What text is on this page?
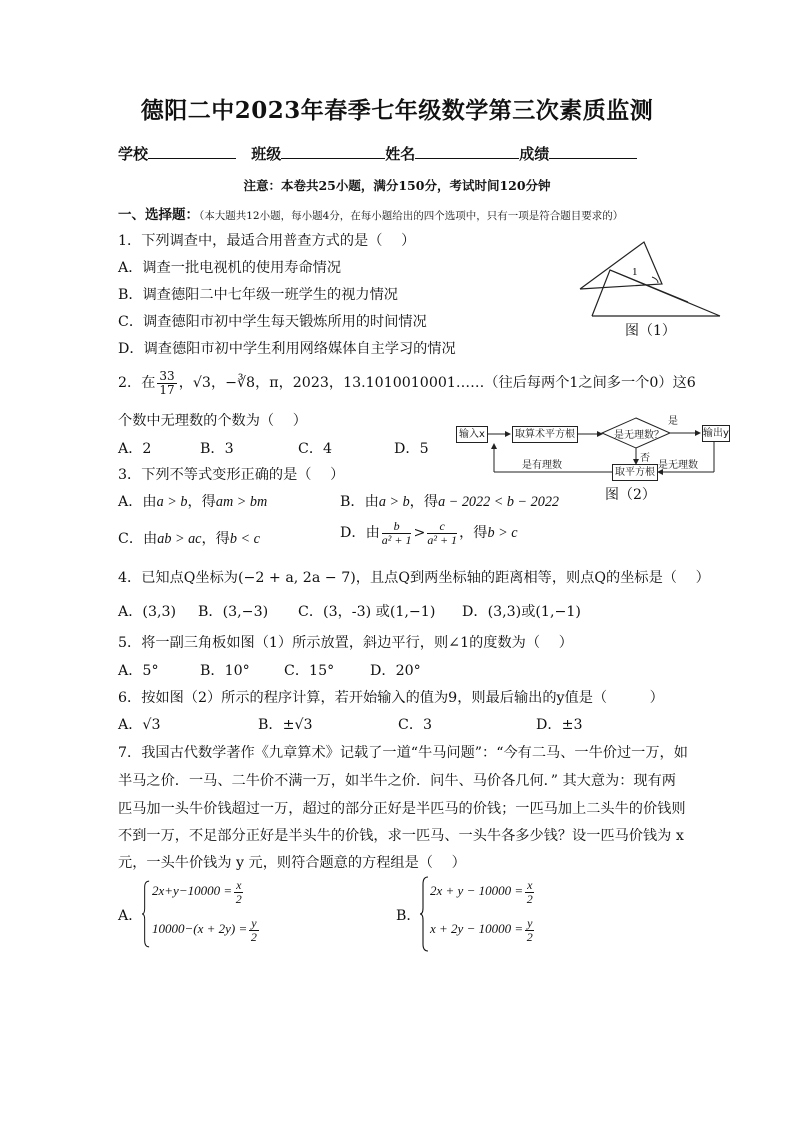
德阳二中2023年春季七年级数学第三次素质监测
学校	班级	姓名	成绩
注意：本卷共25小题，满分150分，考试时间120分钟
一、选择题：（本大题共12小题，每小题4分，在每小题给出的四个选项中，只有一项是符合题目要求的）
1．下列调查中，最适合用普查方式的是（　 ）
A．调查一批电视机的使用寿命情况
B．调查德阳二中七年级一班学生的视力情况
C．调查德阳市初中学生每天锻炼所用的时间情况
D．调查德阳市初中学生利用网络媒体自主学习的情况
1
图（1）
2．在 $\frac{33}{17}$ ，√3，−∛8，π，2023，13.1010010001……（往后每两个1之间多一个0）这6
个数中无理数的个数为（　 ）
A．2	B．3	C．4	D．5
输入x	取算术平方根	是无理数？	输出y
是
否
取平方根
是有理数	是无理数
图（2）
3．下列不等式变形正确的是（　 ）
A．由a > b，得am > bm	B．由a > b，得a − 2022 < b − 2022
C．由ab > ac，得b < c	D．由 $\frac{b}{\text{a² + 1}} > \frac{c}{\text{a² + 1}}$ ，得b > c
4．已知点Q坐标为(−2 + a, 2a − 7)，且点Q到两坐标轴的距离相等，则点Q的坐标是（　 ）
A．(3,3) B．(3,−3) C．(3，-3) 或(1,−1) D．(3,3)或(1,−1)
5．将一副三角板如图（1）所示放置，斜边平行，则∠1的度数为（　 ）
A．5°	B．10° C．15°	D．20°
6．按如图（2）所示的程序计算，若开始输入的值为9，则最后输出的y值是（　　　）
A．√3	B．±√3	C．3	D．±3
7．我国古代数学著作《九章算术》记载了一道“牛马问题”：“今有二马、一牛价过一万，如
半马之价．一马、二牛价不满一万，如半牛之价．问牛、马价各几何．” 其大意为：现有两
匹马加一头牛价钱超过一万，超过的部分正好是半匹马的价钱；一匹马加上二头牛的价钱则
不到一万，不足部分正好是半头牛的价钱，求一匹马、一头牛各多少钱？设一匹马价钱为 x
元，一头牛价钱为 y 元，则符合题意的方程组是（　 ）
A．
$2x+y-10000 = \frac{x}{2}$
$10000-(x + 2y) = \frac{y}{2}$
B．
$2x + y - 10000 = \frac{x}{2}$
$x + 2y - 10000 = \frac{y}{2}$
